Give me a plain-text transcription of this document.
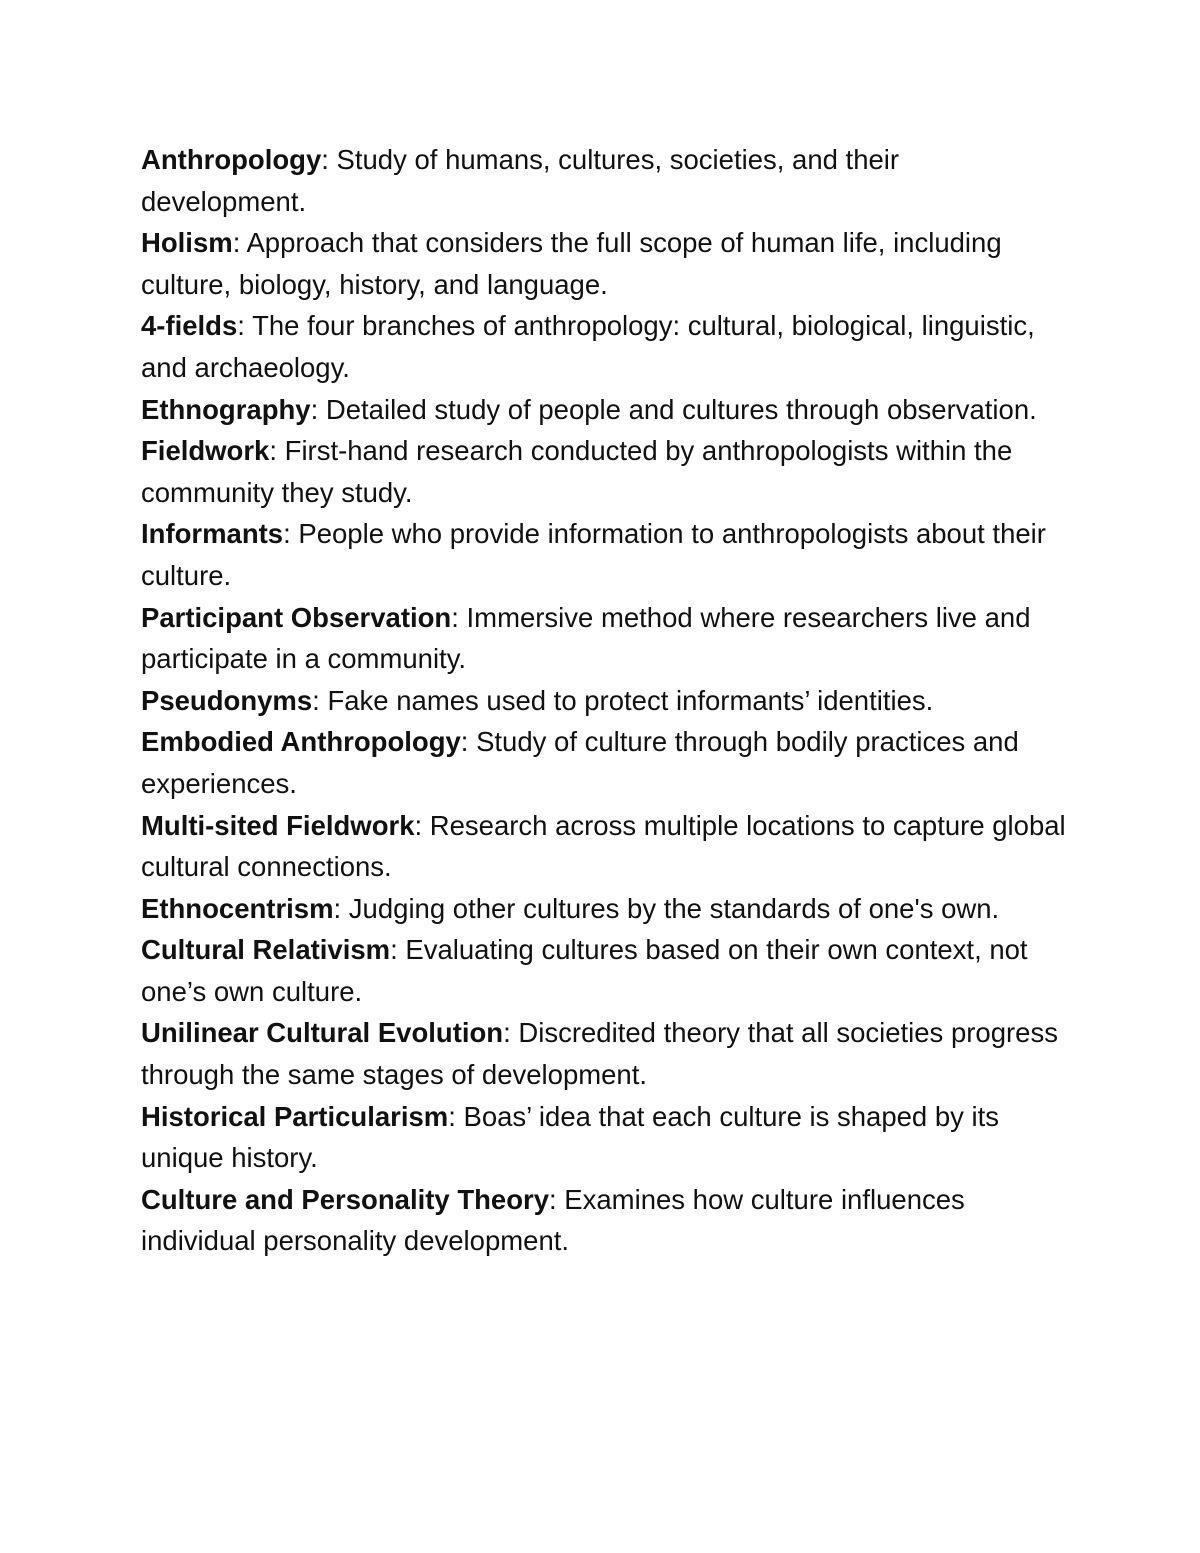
Anthropology: Study of humans, cultures, societies, and their development.

Holism: Approach that considers the full scope of human life, including culture, biology, history, and language.

4-fields: The four branches of anthropology: cultural, biological, linguistic, and archaeology.

Ethnography: Detailed study of people and cultures through observation.

Fieldwork: First-hand research conducted by anthropologists within the community they study.

Informants: People who provide information to anthropologists about their culture.

Participant Observation: Immersive method where researchers live and participate in a community.

Pseudonyms: Fake names used to protect informants’ identities.

Embodied Anthropology: Study of culture through bodily practices and experiences.

Multi-sited Fieldwork: Research across multiple locations to capture global cultural connections.

Ethnocentrism: Judging other cultures by the standards of one's own.

Cultural Relativism: Evaluating cultures based on their own context, not one’s own culture.

Unilinear Cultural Evolution: Discredited theory that all societies progress through the same stages of development.

Historical Particularism: Boas’ idea that each culture is shaped by its unique history.

Culture and Personality Theory: Examines how culture influences individual personality development.
